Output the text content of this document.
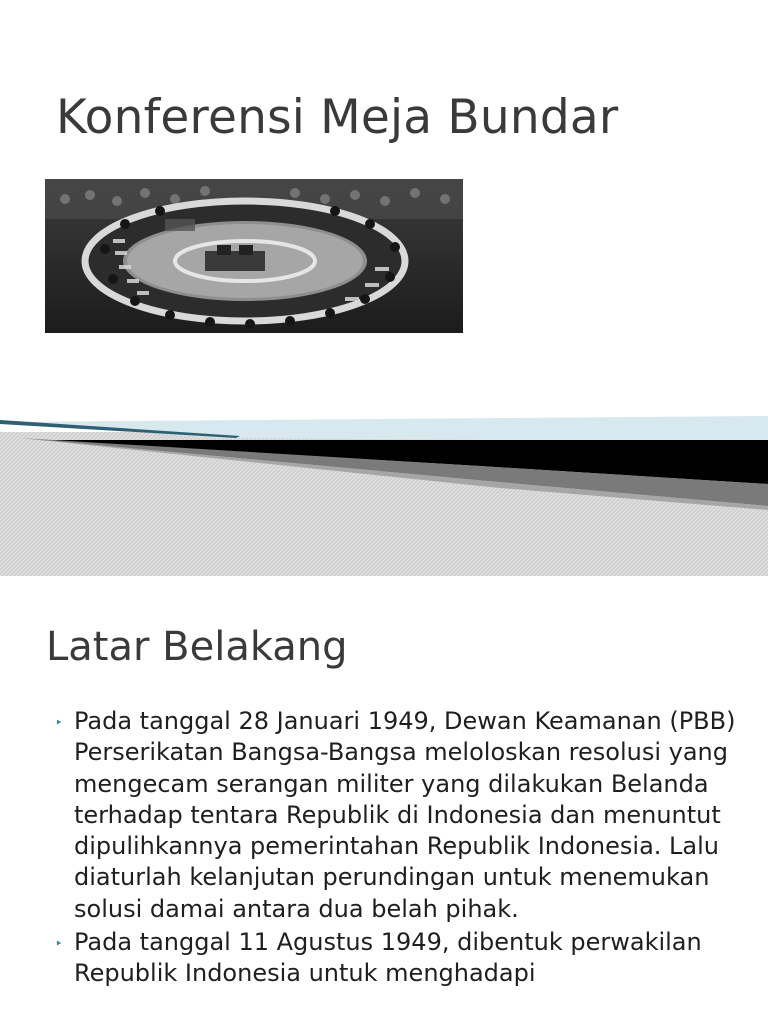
Konferensi Meja Bundar
Latar Belakang
‣ Pada tanggal 28 Januari 1949, Dewan Keamanan (PBB) Perserikatan Bangsa-Bangsa meloloskan resolusi yang mengecam serangan militer yang dilakukan Belanda terhadap tentara Republik di Indonesia dan menuntut dipulihkannya pemerintahan Republik Indonesia. Lalu diaturlah kelanjutan perundingan untuk menemukan solusi damai antara dua belah pihak.
‣ Pada tanggal 11 Agustus 1949, dibentuk perwakilan Republik Indonesia untuk menghadapi
